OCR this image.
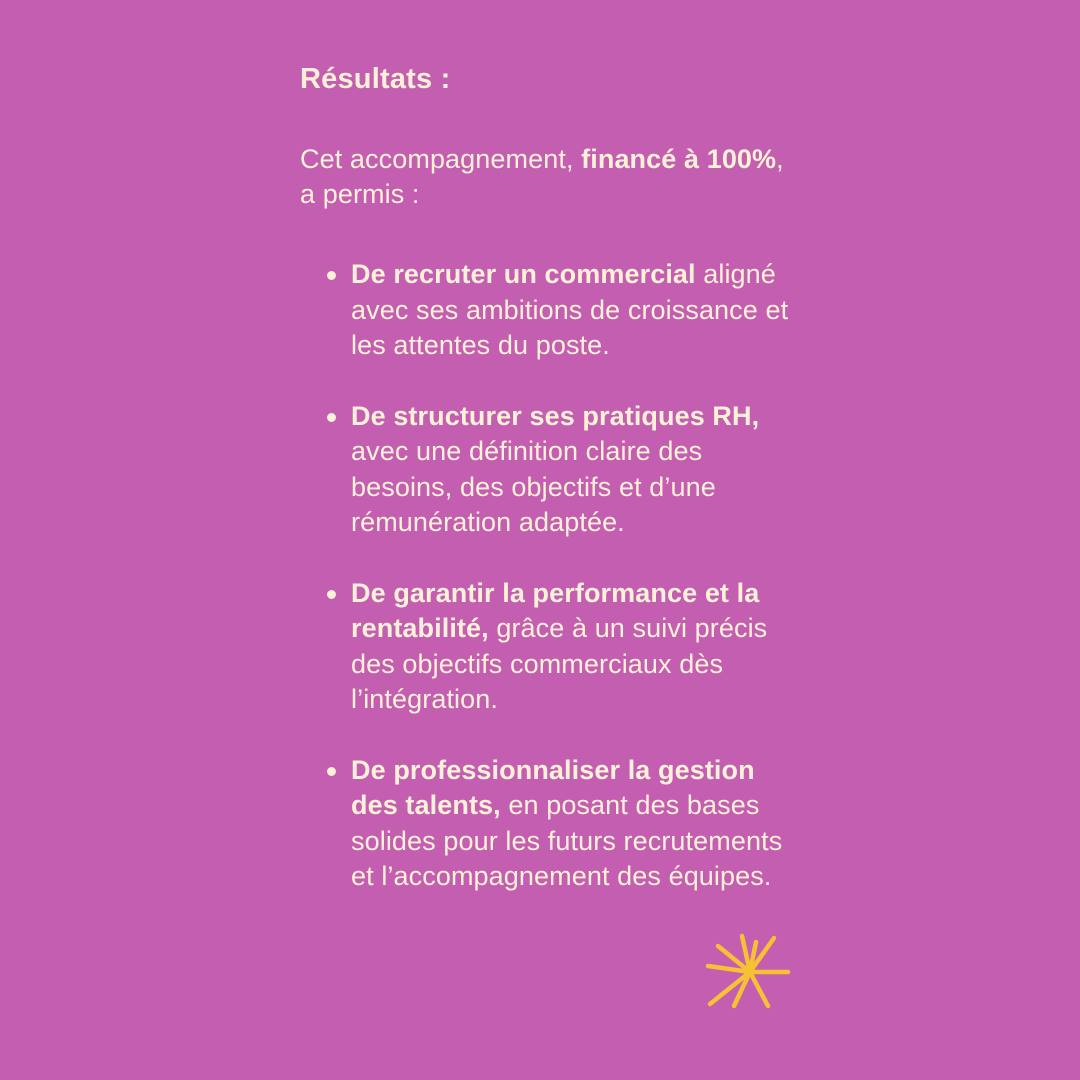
Résultats :

Cet accompagnement, financé à 100%, a permis :

De recruter un commercial aligné avec ses ambitions de croissance et les attentes du poste.
De structurer ses pratiques RH, avec une définition claire des besoins, des objectifs et d’une rémunération adaptée.
De garantir la performance et la rentabilité, grâce à un suivi précis des objectifs commerciaux dès l’intégration.
De professionnaliser la gestion des talents, en posant des bases solides pour les futurs recrutements et l’accompagnement des équipes.
